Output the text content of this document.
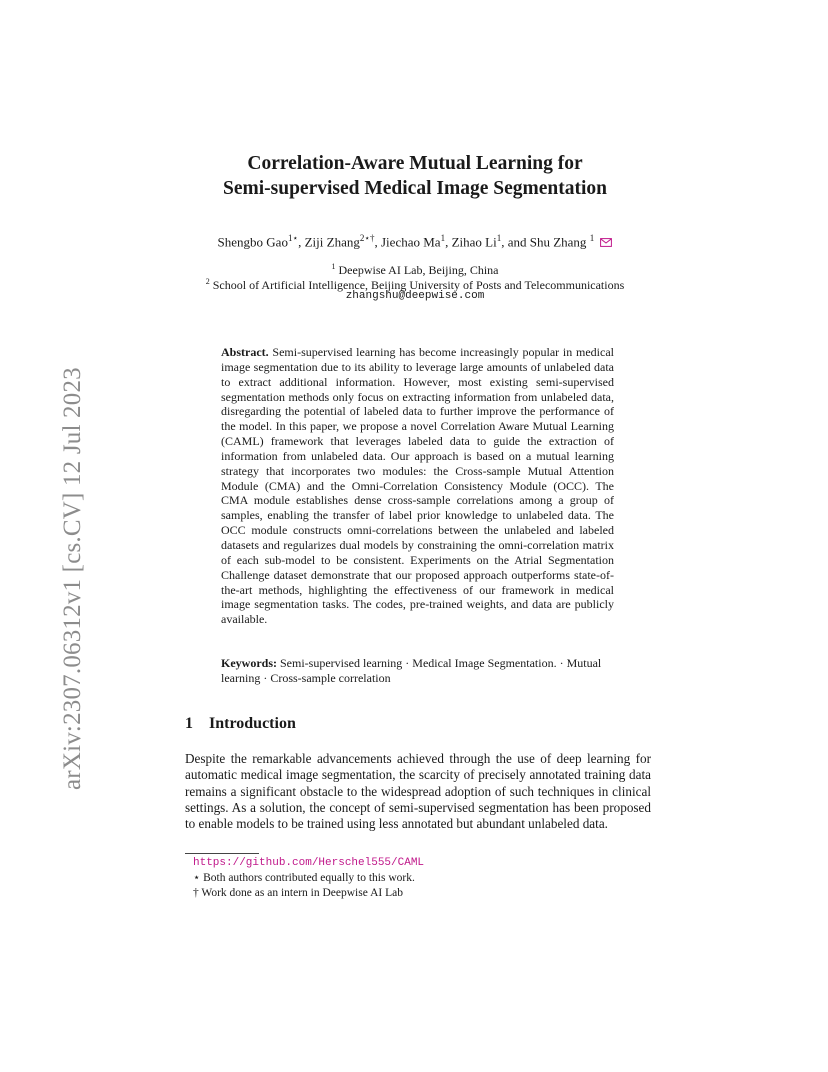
arXiv:2307.06312v1 [cs.CV] 12 Jul 2023
Correlation-Aware Mutual Learning for
Semi-supervised Medical Image Segmentation
Shengbo Gao$^{1⋆}$, Ziji Zhang$^{2⋆\dagger}$, Jiechao Ma$^1$, Zihao Li$^1$, and Shu Zhang $^1$
$^1$ Deepwise AI Lab, Beijing, China
$^2$ School of Artificial Intelligence, Beijing University of Posts and Telecommunications
zhangshu@deepwise.com
Abstract. Semi-supervised learning has become increasingly popular in medical image segmentation due to its ability to leverage large amounts of unlabeled data to extract additional information. However, most existing semi-supervised segmentation methods only focus on extracting information from unlabeled data, disregarding the potential of labeled data to further improve the performance of the model. In this paper, we propose a novel Correlation Aware Mutual Learning (CAML) framework that leverages labeled data to guide the extraction of information from unlabeled data. Our approach is based on a mutual learning strategy that incorporates two modules: the Cross-sample Mutual Attention Module (CMA) and the Omni-Correlation Consistency Module (OCC). The CMA module establishes dense cross-sample correlations among a group of samples, enabling the transfer of label prior knowledge to unlabeled data. The OCC module constructs omni-correlations between the unlabeled and labeled datasets and regularizes dual models by constraining the omni-correlation matrix of each sub-model to be consistent. Experiments on the Atrial Segmentation Challenge dataset demonstrate that our proposed approach outperforms state-of-the-art methods, highlighting the effectiveness of our framework in medical image segmentation tasks. The codes, pre-trained weights, and data are publicly available.
Keywords: Semi-supervised learning · Medical Image Segmentation. · Mutual learning · Cross-sample correlation
1 Introduction
Despite the remarkable advancements achieved through the use of deep learning for automatic medical image segmentation, the scarcity of precisely annotated training data remains a significant obstacle to the widespread adoption of such techniques in clinical settings. As a solution, the concept of semi-supervised segmentation has been proposed to enable models to be trained using less annotated but abundant unlabeled data.
https://github.com/Herschel555/CAML
⋆ Both authors contributed equally to this work.
† Work done as an intern in Deepwise AI Lab
